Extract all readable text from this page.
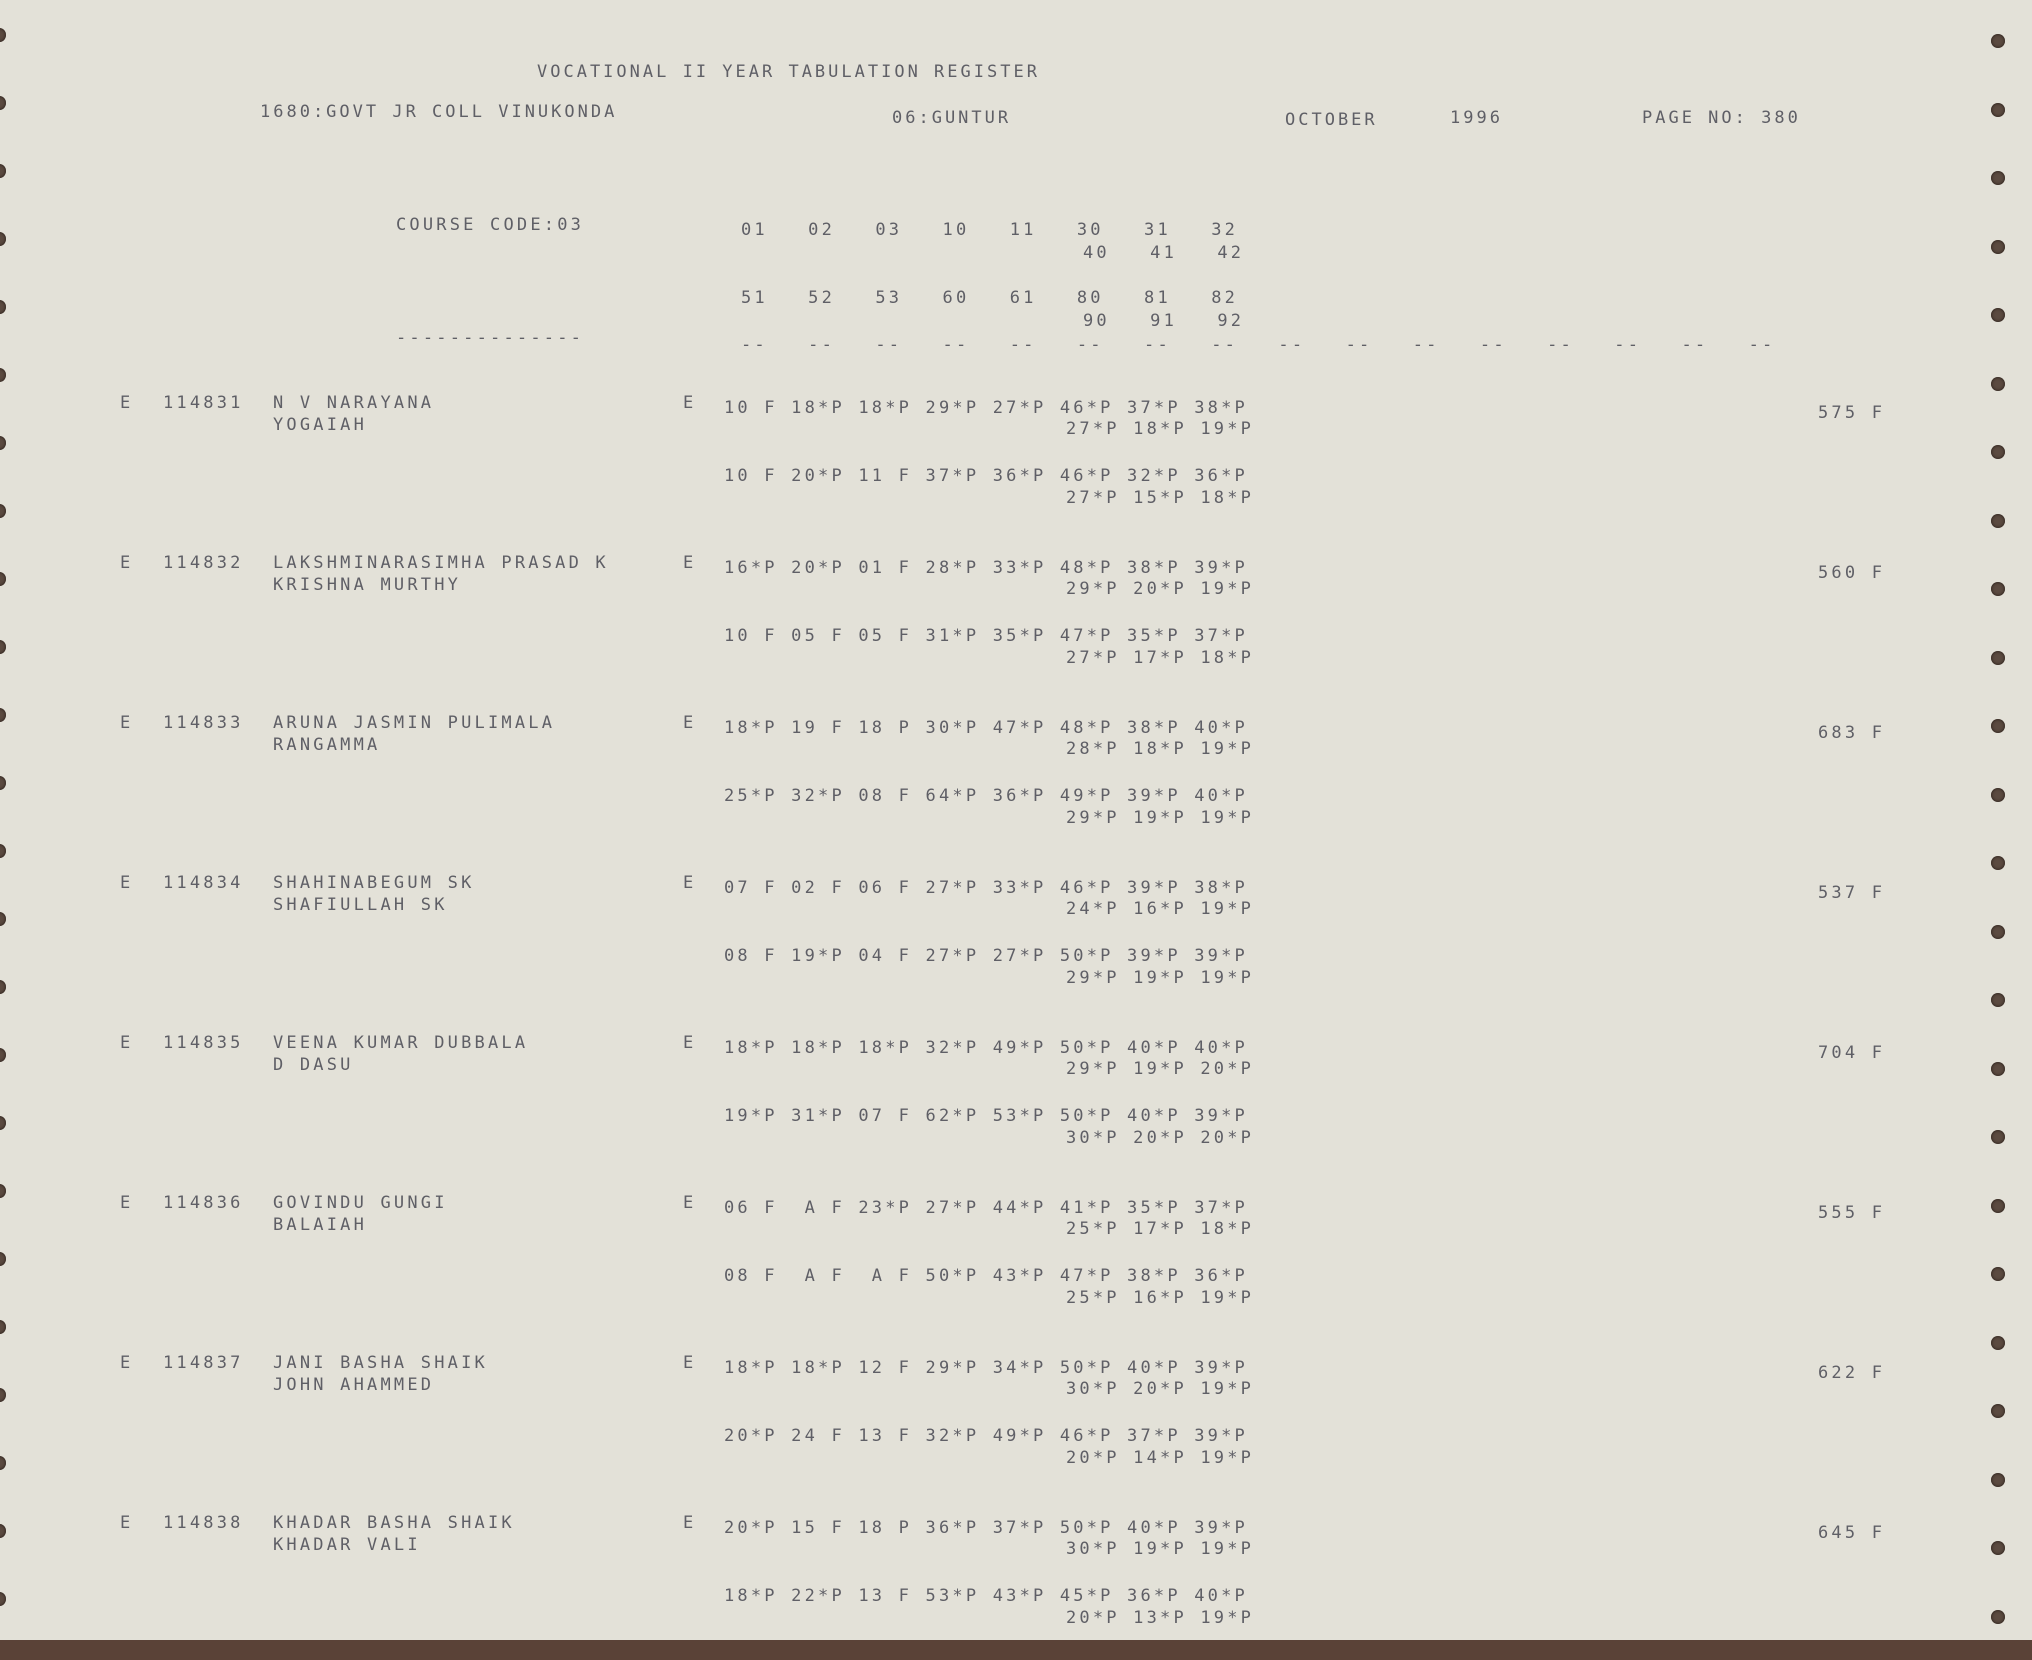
VOCATIONAL II YEAR TABULATION REGISTER
1680:GOVT JR COLL VINUKONDA	06:GUNTUR	OCTOBER	1996	PAGE NO: 380
COURSE CODE:03	01   02   03   10   11   30   31   32
40   41   42
51   52   53   60   61   80   81   82
90   91   92
--------------	--   --   --   --   --   --   --   --   --   --   --   --   --   --   --   --
E 114831 N V NARAYANA
YOGAIAH
E 10 F 18*P 18*P 29*P 27*P 46*P 37*P 38*P
27*P 18*P 19*P
10 F 20*P 11 F 37*P 36*P 46*P 32*P 36*P
27*P 15*P 18*P
575 F
E 114832 LAKSHMINARASIMHA PRASAD K
KRISHNA MURTHY
E 16*P 20*P 01 F 28*P 33*P 48*P 38*P 39*P
29*P 20*P 19*P
10 F 05 F 05 F 31*P 35*P 47*P 35*P 37*P
27*P 17*P 18*P
560 F
E 114833 ARUNA JASMIN PULIMALA
RANGAMMA
E 18*P 19 F 18 P 30*P 47*P 48*P 38*P 40*P
28*P 18*P 19*P
25*P 32*P 08 F 64*P 36*P 49*P 39*P 40*P
29*P 19*P 19*P
683 F
E 114834 SHAHINABEGUM SK
SHAFIULLAH SK
E 07 F 02 F 06 F 27*P 33*P 46*P 39*P 38*P
24*P 16*P 19*P
08 F 19*P 04 F 27*P 27*P 50*P 39*P 39*P
29*P 19*P 19*P
537 F
E 114835 VEENA KUMAR DUBBALA
D DASU
E 18*P 18*P 18*P 32*P 49*P 50*P 40*P 40*P
29*P 19*P 20*P
19*P 31*P 07 F 62*P 53*P 50*P 40*P 39*P
30*P 20*P 20*P
704 F
E 114836 GOVINDU GUNGI
BALAIAH
E 06 F  A F 23*P 27*P 44*P 41*P 35*P 37*P
25*P 17*P 18*P
08 F  A F  A F 50*P 43*P 47*P 38*P 36*P
25*P 16*P 19*P
555 F
E 114837 JANI BASHA SHAIK
JOHN AHAMMED
E 18*P 18*P 12 F 29*P 34*P 50*P 40*P 39*P
30*P 20*P 19*P
20*P 24 F 13 F 32*P 49*P 46*P 37*P 39*P
20*P 14*P 19*P
622 F
E 114838 KHADAR BASHA SHAIK
KHADAR VALI
E 20*P 15 F 18 P 36*P 37*P 50*P 40*P 39*P
30*P 19*P 19*P
18*P 22*P 13 F 53*P 43*P 45*P 36*P 40*P
20*P 13*P 19*P
645 F
